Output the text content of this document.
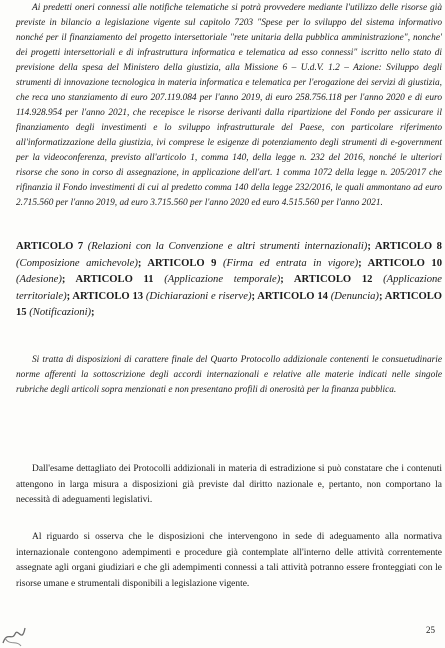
Ai predetti oneri connessi alle notifiche telematiche si potrà provvedere mediante l'utilizzo delle risorse già previste in bilancio a legislazione vigente sul capitolo 7203 "Spese per lo sviluppo del sistema informativo nonché per il finanziamento del progetto intersettoriale "rete unitaria della pubblica amministrazione", nonche' dei progetti intersettoriali e di infrastruttura informatica e telematica ad esso connessi" iscritto nello stato di previsione della spesa del Ministero della giustizia, alla Missione 6 – U.d.V. 1.2 – Azione: Sviluppo degli strumenti di innovazione tecnologica in materia informatica e telematica per l'erogazione dei servizi di giustizia, che reca uno stanziamento di euro 207.119.084 per l'anno 2019, di euro 258.756.118 per l'anno 2020 e di euro 114.928.954 per l'anno 2021, che recepisce le risorse derivanti dalla ripartizione del Fondo per assicurare il finanziamento degli investimenti e lo sviluppo infrastrutturale del Paese, con particolare riferimento all'informatizzazione della giustizia, ivi comprese le esigenze di potenziamento degli strumenti di e-government per la videoconferenza, previsto all'articolo 1, comma 140, della legge n. 232 del 2016, nonché le ulteriori risorse che sono in corso di assegnazione, in applicazione dell'art. 1 comma 1072 della legge n. 205/2017 che rifinanzia il Fondo investimenti di cui al predetto comma 140 della legge 232/2016, le quali ammontano ad euro 2.715.560 per l'anno 2019, ad euro 3.715.560 per l'anno 2020 ed euro 4.515.560 per l'anno 2021.

ARTICOLO 7 (Relazioni con la Convenzione e altri strumenti internazionali); ARTICOLO 8 (Composizione amichevole); ARTICOLO 9 (Firma ed entrata in vigore); ARTICOLO 10 (Adesione); ARTICOLO 11 (Applicazione temporale); ARTICOLO 12 (Applicazione territoriale); ARTICOLO 13 (Dichiarazioni e riserve); ARTICOLO 14 (Denuncia); ARTICOLO 15 (Notificazioni);

Si tratta di disposizioni di carattere finale del Quarto Protocollo addizionale contenenti le consuetudinarie norme afferenti la sottoscrizione degli accordi internazionali e relative alle materie indicati nelle singole rubriche degli articoli sopra menzionati e non presentano profili di onerosità per la finanza pubblica.

Dall'esame dettagliato dei Protocolli addizionali in materia di estradizione si può constatare che i contenuti attengono in larga misura a disposizioni già previste dal diritto nazionale e, pertanto, non comportano la necessità di adeguamenti legislativi.

Al riguardo si osserva che le disposizioni che intervengono in sede di adeguamento alla normativa internazionale contengono adempimenti e procedure già contemplate all'interno delle attività correntemente assegnate agli organi giudiziari e che gli adempimenti connessi a tali attività potranno essere fronteggiati con le risorse umane e strumentali disponibili a legislazione vigente.

25
